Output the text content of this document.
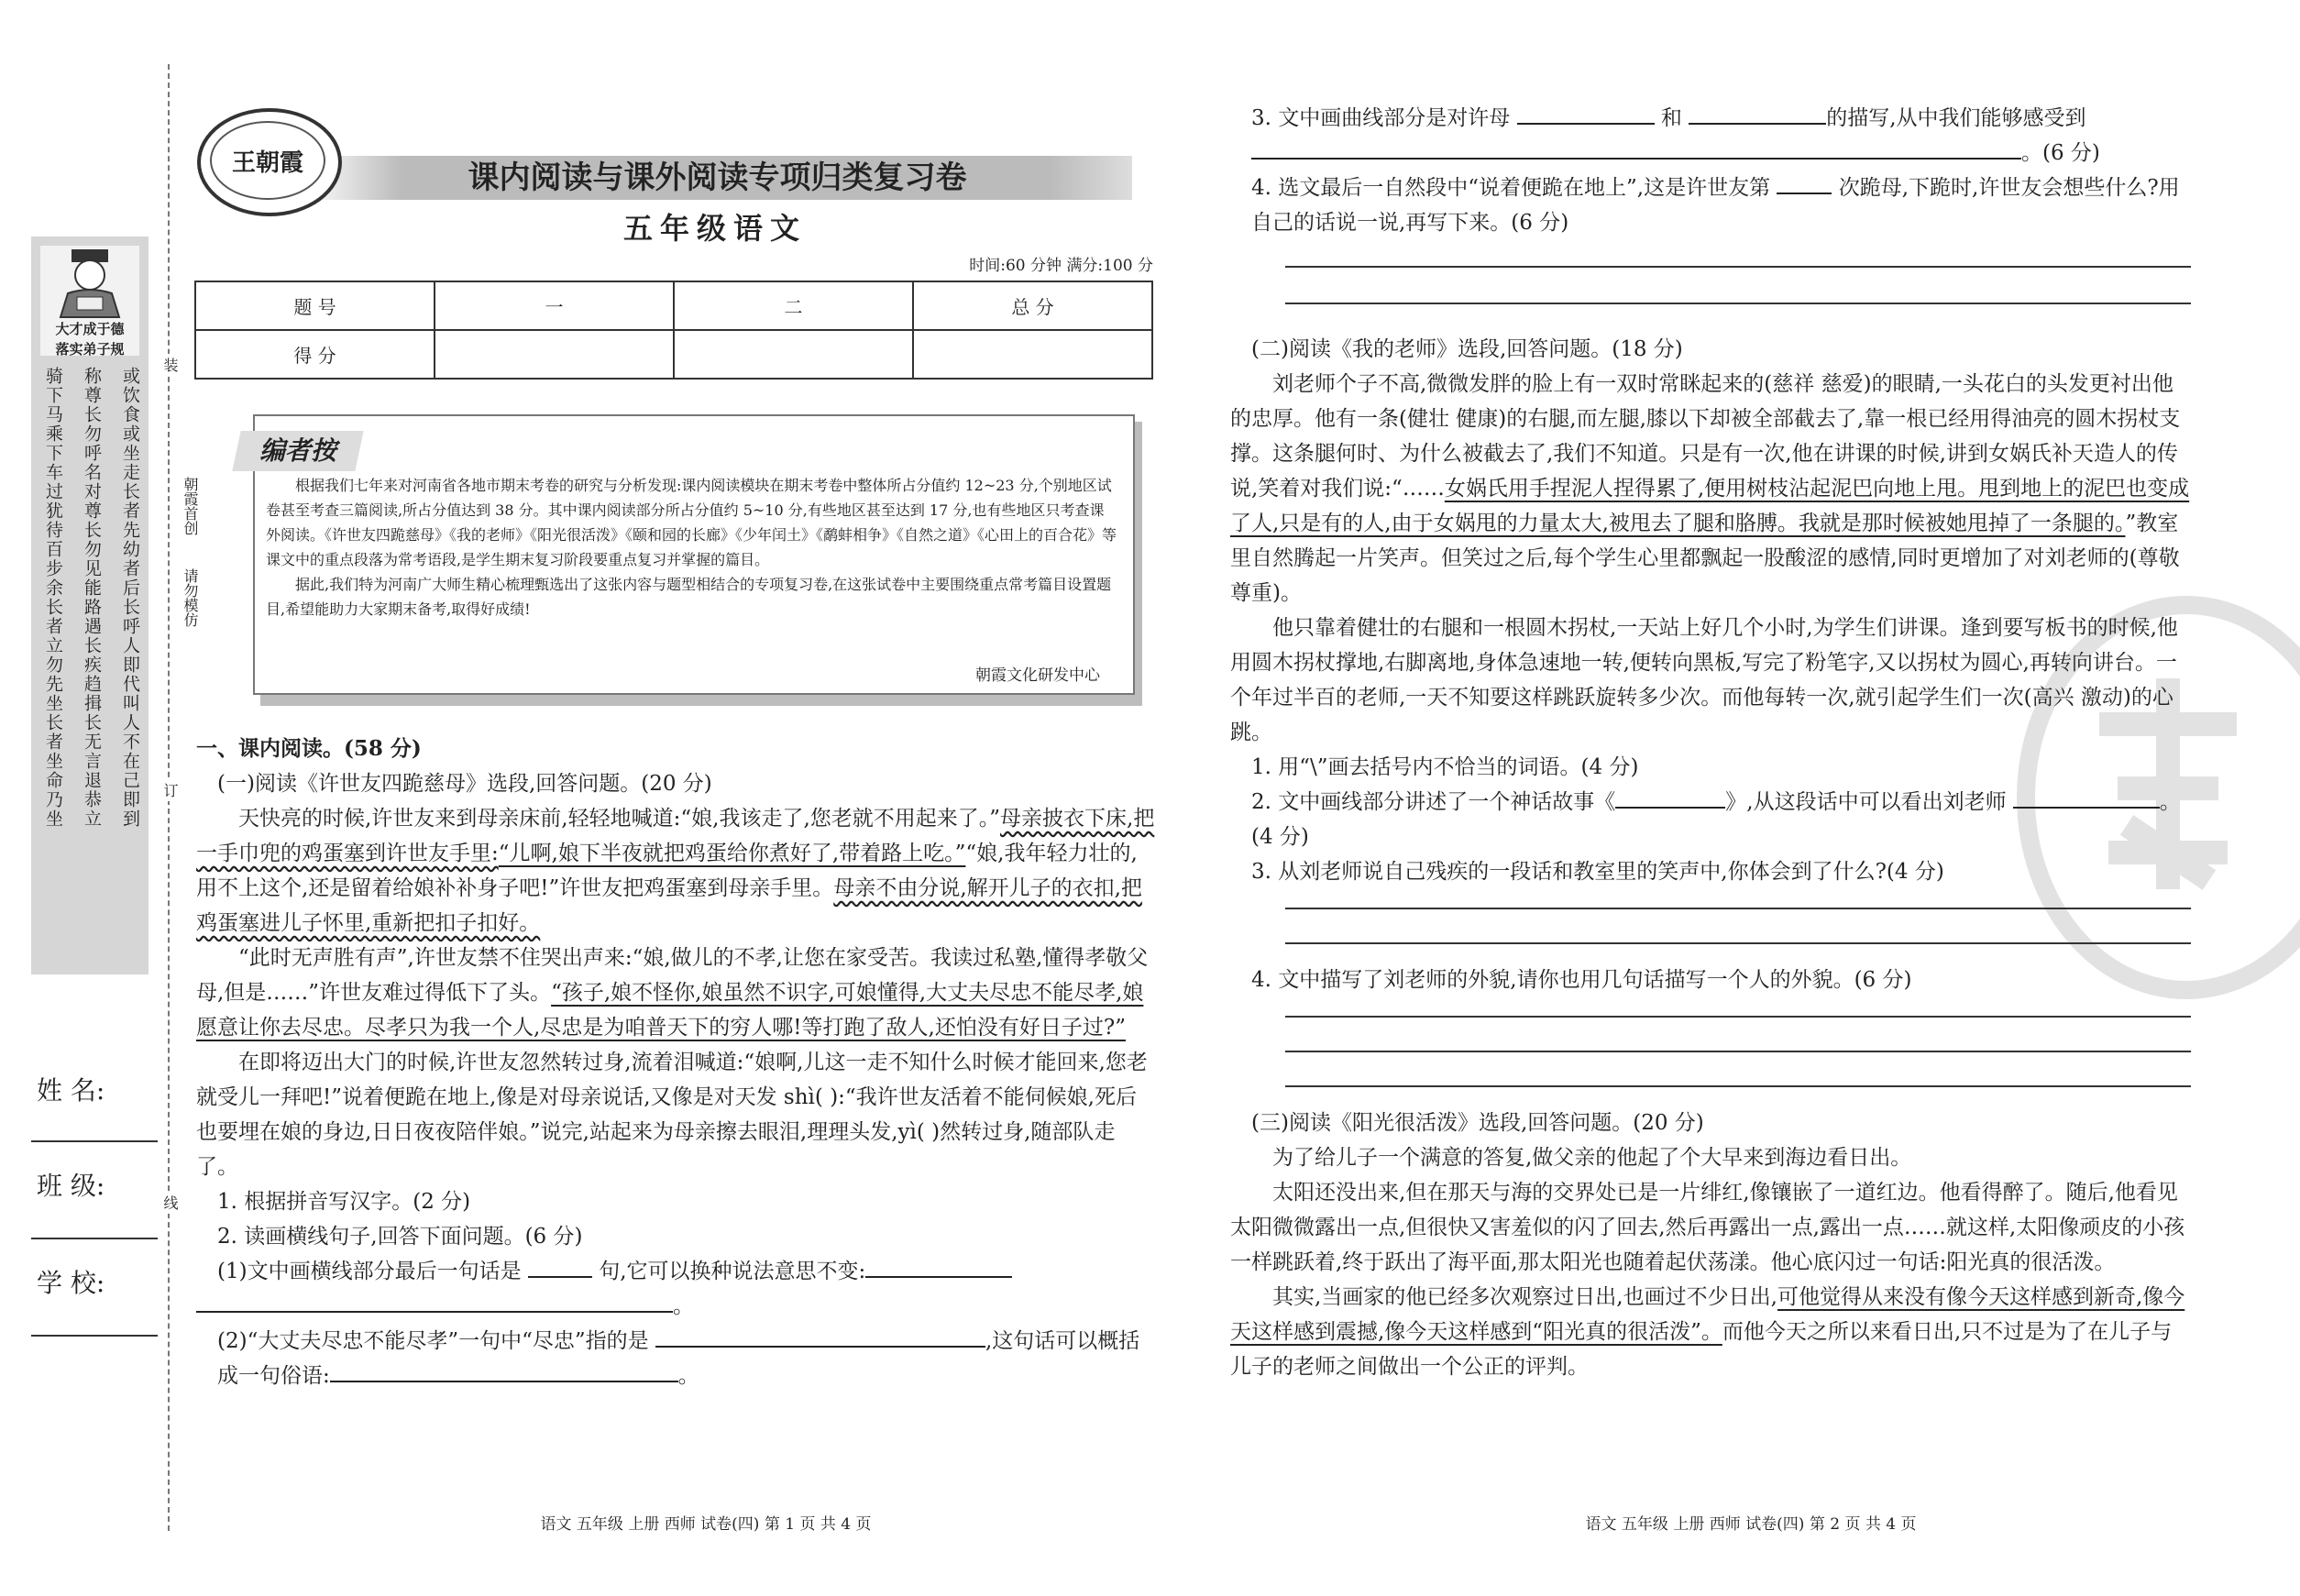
大才成于德
落实弟子规
或饮食或坐走长者先幼者后长呼人即代叫人不在己即到
称尊长勿呼名对尊长勿见能路遇长疾趋揖长无言退恭立
骑下马乘下车过犹待百步余长者立勿先坐长者坐命乃坐
装
订
线
朝霞首创
请勿模仿
姓 名:
班 级:
学 校:
王朝霞	课内阅读与课外阅读专项归类复习卷
五年级语文
时间:60 分钟 满分:100 分
题 号	一	二	总 分
得 分			
编者按

根据我们七年来对河南省各地市期末考卷的研究与分析发现:课内阅读模块在期末考卷中整体所占分值约 12~23 分,个别地区试卷甚至考查三篇阅读,所占分值达到 38 分。其中课内阅读部分所占分值约 5~10 分,有些地区甚至达到 17 分,也有些地区只考查课外阅读。《许世友四跪慈母》《我的老师》《阳光很活泼》《颐和园的长廊》《少年闰土》《鹬蚌相争》《自然之道》《心田上的百合花》等课文中的重点段落为常考语段,是学生期末复习阶段要重点复习并掌握的篇目。

据此,我们特为河南广大师生精心梳理甄选出了这张内容与题型相结合的专项复习卷,在这张试卷中主要围绕重点常考篇目设置题目,希望能助力大家期末备考,取得好成绩!

朝霞文化研发中心

一、课内阅读。(58 分)

(一)阅读《许世友四跪慈母》选段,回答问题。(20 分)

天快亮的时候,许世友来到母亲床前,轻轻地喊道:“娘,我该走了,您老就不用起来了。”母亲披衣下床,把一手巾兜的鸡蛋塞到许世友手里:“儿啊,娘下半夜就把鸡蛋给你煮好了,带着路上吃。”“娘,我年轻力壮的,用不上这个,还是留着给娘补补身子吧!”许世友把鸡蛋塞到母亲手里。母亲不由分说,解开儿子的衣扣,把鸡蛋塞进儿子怀里,重新把扣子扣好。

“此时无声胜有声”,许世友禁不住哭出声来:“娘,做儿的不孝,让您在家受苦。我读过私塾,懂得孝敬父母,但是……”许世友难过得低下了头。“孩子,娘不怪你,娘虽然不识字,可娘懂得,大丈夫尽忠不能尽孝,娘愿意让你去尽忠。尽孝只为我一个人,尽忠是为咱普天下的穷人哪!等打跑了敌人,还怕没有好日子过?”

在即将迈出大门的时候,许世友忽然转过身,流着泪喊道:“娘啊,儿这一走不知什么时候才能回来,您老就受儿一拜吧!”说着便跪在地上,像是对母亲说话,又像是对天发 shì( ):“我许世友活着不能伺候娘,死后也要埋在娘的身边,日日夜夜陪伴娘。”说完,站起来为母亲擦去眼泪,理理头发,yì( )然转过身,随部队走了。

1. 根据拼音写汉字。(2 分)

2. 读画横线句子,回答下面问题。(6 分)

(1)文中画横线部分最后一句话是	句,它可以换种说法意思不变:

。

(2)“大丈夫尽忠不能尽孝”一句中“尽忠”指的是	,这句话可以概括成一句俗语:	。

语文 五年级 上册 西师 试卷(四) 第 1 页 共 4 页

3. 文中画曲线部分是对许母	和	的描写,从中我们能够感受到。(6 分)

4. 选文最后一自然段中“说着便跪在地上”,这是许世友第	次跪母,下跪时,许世友会想些什么?用自己的话说一说,再写下来。(6 分)

(二)阅读《我的老师》选段,回答问题。(18 分)

刘老师个子不高,微微发胖的脸上有一双时常眯起来的(慈祥 慈爱)的眼睛,一头花白的头发更衬出他的忠厚。他有一条(健壮 健康)的右腿,而左腿,膝以下却被全部截去了,靠一根已经用得油亮的圆木拐杖支撑。这条腿何时、为什么被截去了,我们不知道。只是有一次,他在讲课的时候,讲到女娲氏补天造人的传说,笑着对我们说:“……女娲氏用手捏泥人捏得累了,便用树枝沾起泥巴向地上甩。甩到地上的泥巴也变成了人,只是有的人,由于女娲甩的力量太大,被甩去了腿和胳膊。我就是那时候被她甩掉了一条腿的。”教室里自然腾起一片笑声。但笑过之后,每个学生心里都飘起一股酸涩的感情,同时更增加了对刘老师的(尊敬 尊重)。

他只靠着健壮的右腿和一根圆木拐杖,一天站上好几个小时,为学生们讲课。逢到要写板书的时候,他用圆木拐杖撑地,右脚离地,身体急速地一转,便转向黑板,写完了粉笔字,又以拐杖为圆心,再转向讲台。一个年过半百的老师,一天不知要这样跳跃旋转多少次。而他每转一次,就引起学生们一次(高兴 激动)的心跳。

1. 用“\”画去括号内不恰当的词语。(4 分)

2. 文中画线部分讲述了一个神话故事《	》,从这段话中可以看出刘老师	。(4 分)

3. 从刘老师说自己残疾的一段话和教室里的笑声中,你体会到了什么?(4 分)

4. 文中描写了刘老师的外貌,请你也用几句话描写一个人的外貌。(6 分)

(三)阅读《阳光很活泼》选段,回答问题。(20 分)

为了给儿子一个满意的答复,做父亲的他起了个大早来到海边看日出。

太阳还没出来,但在那天与海的交界处已是一片绯红,像镶嵌了一道红边。他看得醉了。随后,他看见太阳微微露出一点,但很快又害羞似的闪了回去,然后再露出一点,露出一点……就这样,太阳像顽皮的小孩一样跳跃着,终于跃出了海平面,那太阳光也随着起伏荡漾。他心底闪过一句话:阳光真的很活泼。

其实,当画家的他已经多次观察过日出,也画过不少日出,可他觉得从来没有像今天这样感到新奇,像今天这样感到震撼,像今天这样感到“阳光真的很活泼”。而他今天之所以来看日出,只不过是为了在儿子与儿子的老师之间做出一个公正的评判。

语文 五年级 上册 西师 试卷(四) 第 2 页 共 4 页
